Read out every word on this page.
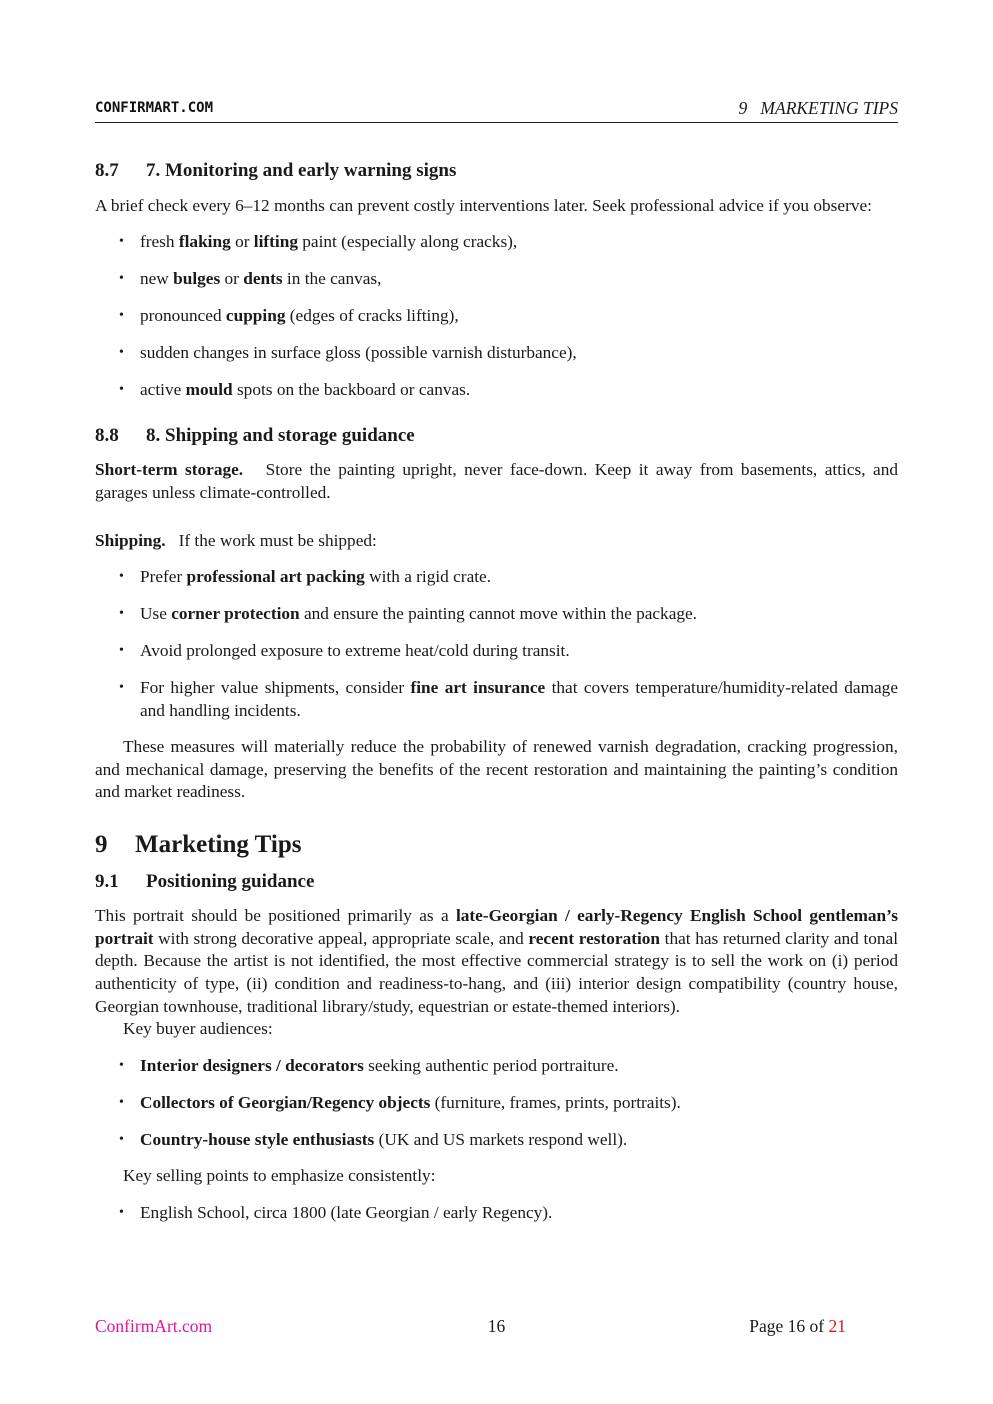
CONFIRMART.COM	9   MARKETING TIPS
8.7 7. Monitoring and early warning signs

A brief check every 6–12 months can prevent costly interventions later. Seek professional advice if you observe:

• fresh flaking or lifting paint (especially along cracks),
• new bulges or dents in the canvas,
• pronounced cupping (edges of cracks lifting),
• sudden changes in surface gloss (possible varnish disturbance),
• active mould spots on the backboard or canvas.
8.8 8. Shipping and storage guidance

Short-term storage. Store the painting upright, never face-down. Keep it away from basements, attics, and garages unless climate-controlled.

Shipping. If the work must be shipped:

• Prefer professional art packing with a rigid crate.
• Use corner protection and ensure the painting cannot move within the package.
• Avoid prolonged exposure to extreme heat/cold during transit.
• For higher value shipments, consider fine art insurance that covers temperature/humidity-related damage and handling incidents.

These measures will materially reduce the probability of renewed varnish degradation, cracking progression, and mechanical damage, preserving the benefits of the recent restoration and maintaining the painting’s condition and market readiness.

9 Marketing Tips
9.1 Positioning guidance

This portrait should be positioned primarily as a late-Georgian / early-Regency English School gentleman’s portrait with strong decorative appeal, appropriate scale, and recent restoration that has returned clarity and tonal depth. Because the artist is not identified, the most effective commercial strategy is to sell the work on (i) period authenticity of type, (ii) condition and readiness-to-hang, and (iii) interior design compatibility (country house, Georgian townhouse, traditional library/study, equestrian or estate-themed interiors).

Key buyer audiences:

• Interior designers / decorators seeking authentic period portraiture.
• Collectors of Georgian/Regency objects (furniture, frames, prints, portraits).
• Country-house style enthusiasts (UK and US markets respond well).

Key selling points to emphasize consistently:

• English School, circa 1800 (late Georgian / early Regency).
ConfirmArt.com	16	Page 16 of 21
